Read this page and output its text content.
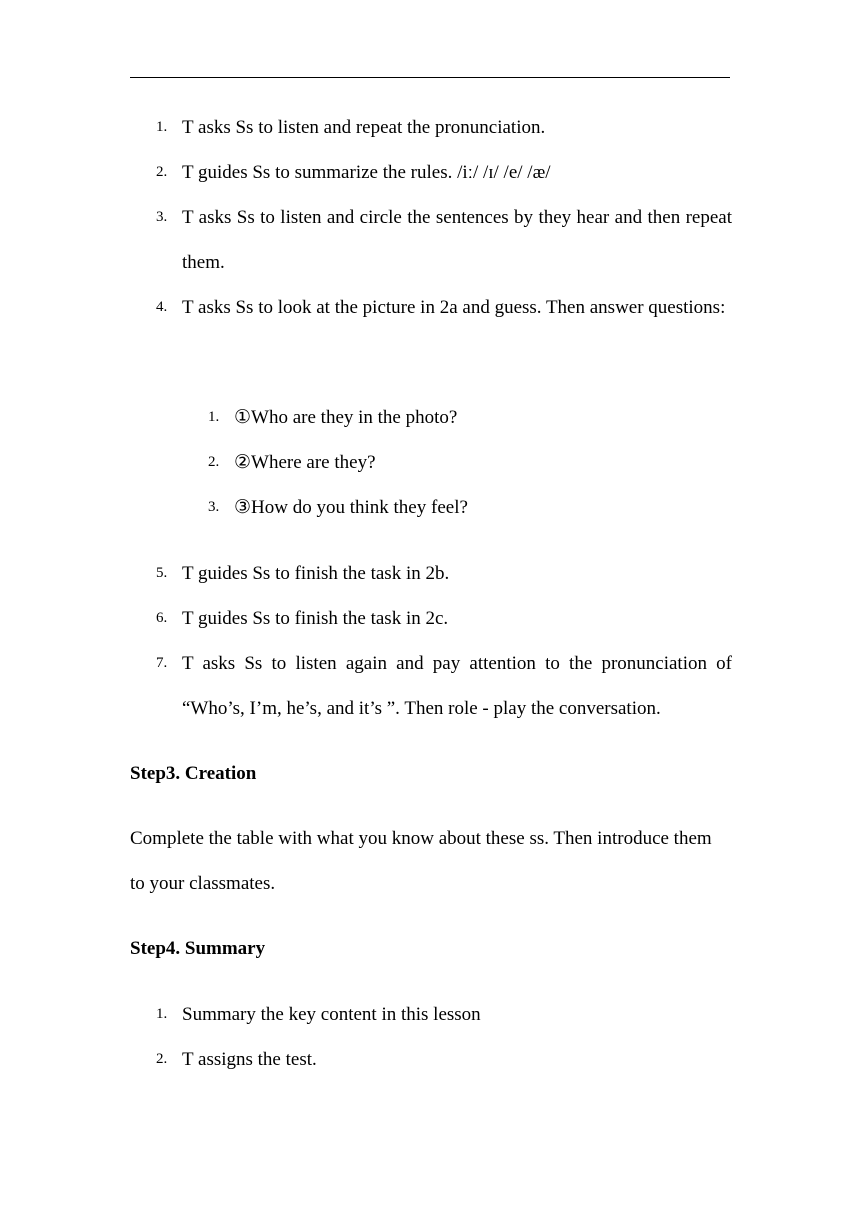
1. T asks Ss to listen and repeat the pronunciation.
2. T guides Ss to summarize the rules. /iː/ /ɪ/ /e/ /æ/
3. T asks Ss to listen and circle the sentences by they hear and then repeat them.
4. T asks Ss to look at the picture in 2a and guess. Then answer questions:
1. ①Who are they in the photo?
2. ②Where are they?
3. ③How do you think they feel?
5. T guides Ss to finish the task in 2b.
6. T guides Ss to finish the task in 2c.
7. T asks Ss to listen again and pay attention to the pronunciation of “Who’s, I’m, he’s, and it’s ”. Then role - play the conversation.
Step3. Creation
Complete the table with what you know about these ss. Then introduce them to your classmates.
Step4. Summary
1. Summary the key content in this lesson
2. T assigns the test.
